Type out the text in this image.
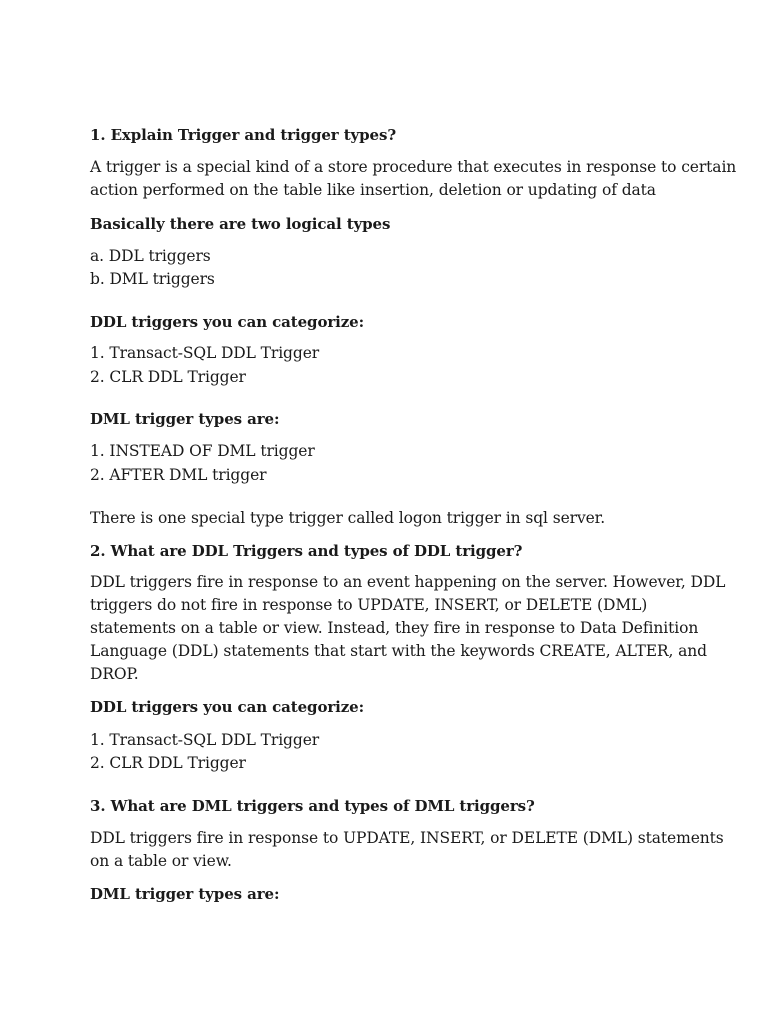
1. Explain Trigger and trigger types?

A trigger is a special kind of a store procedure that executes in response to certain

action performed on the table like insertion, deletion or updating of data

Basically there are two logical types

a. DDL triggers

b. DML triggers

DDL triggers you can categorize:

1. Transact-SQL DDL Trigger

2. CLR DDL Trigger

DML trigger types are:

1. INSTEAD OF DML trigger

2. AFTER DML trigger

There is one special type trigger called logon trigger in sql server.

2. What are DDL Triggers and types of DDL trigger?

DDL triggers fire in response to an event happening on the server. However, DDL

triggers do not fire in response to UPDATE, INSERT, or DELETE (DML)

statements on a table or view. Instead, they fire in response to Data Definition

Language (DDL) statements that start with the keywords CREATE, ALTER, and

DROP.

DDL triggers you can categorize:

1. Transact-SQL DDL Trigger

2. CLR DDL Trigger

3. What are DML triggers and types of DML triggers?

DDL triggers fire in response to UPDATE, INSERT, or DELETE (DML) statements

on a table or view.

DML trigger types are:
